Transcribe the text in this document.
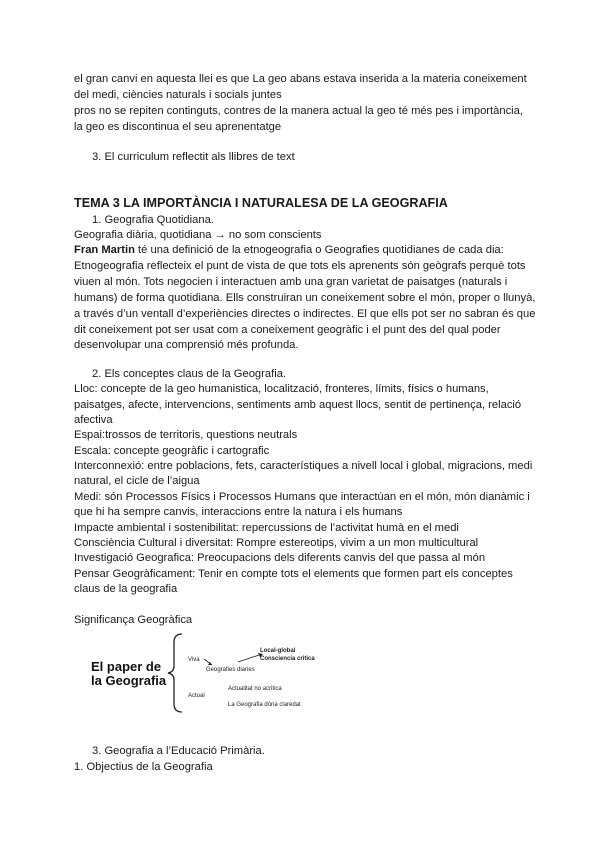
el gran canvi en aquesta llei es que La geo abans estava inserida a la materia coneixement
del medi, ciències naturals i socials juntes
pros no se repiten continguts, contres de la manera actual la geo té més pes i importància,
la geo es discontinua el seu aprenentatge
3. El curriculum reflectit als llibres de text
TEMA 3 LA IMPORTÀNCIA I NATURALESA DE LA GEOGRAFIA
1. Geografia Quotidiana.
Geografia diària, quotidiana → no som conscients
Fran Martin té una definició de la etnogeografia o Geografies quotidianes de cada dia:
Etnogeografia reflecteix el punt de vista de que tots els aprenents són geògrafs perquè tots
viuen al món. Tots negocien i interactuen amb una gran varietat de paisatges (naturals i
humans) de forma quotidiana. Ells construiran un coneixement sobre el món, proper o llunyà,
a través d’un ventall d’experiències directes o indirectes. El que ells pot ser no sabran és que
dit coneixement pot ser usat com a coneixement geogràfic i el punt des del qual poder
desenvolupar una comprensió més profunda.
2. Els conceptes claus de la Geografia.
Lloc: concepte de la geo humanistica, localització, fronteres, límits, físics o humans,
paisatges, afecte, intervencions, sentiments amb aquest llocs, sentit de pertinença, relació
afectiva
Espai:trossos de territoris, questions neutrals
Escala: concepte geogràfic i cartografic
Interconnexió: entre poblacions, fets, característiques a nivell local i global, migracions, medi
natural, el cicle de l’aigua
Medi: són Processos Físics i Processos Humans que interactúan en el món, món dianàmic i
que hi ha sempre canvis, interaccions entre la natura i els humans
Impacte ambiental i sostenibilitat: repercussions de l’activitat humà en el medi
Consciència Cultural i diversitat: Rompre estereotips, vivim a un mon multicultural
Investigació Geografica: Preocupacions dels diferents canvis del que passa al món
Pensar Geogràficament: Tenir en compte tots el elements que formen part els conceptes
claus de la geografia
Significança Geogràfica
El paper de
la Geografia
Viva
Geografies diaries
Local-global
Consciencia critica
Actual
Actualitat no acritica
La Geografia dóna claredat
3. Geografia a l’Educació Primària.
1. Objectius de la Geografia
